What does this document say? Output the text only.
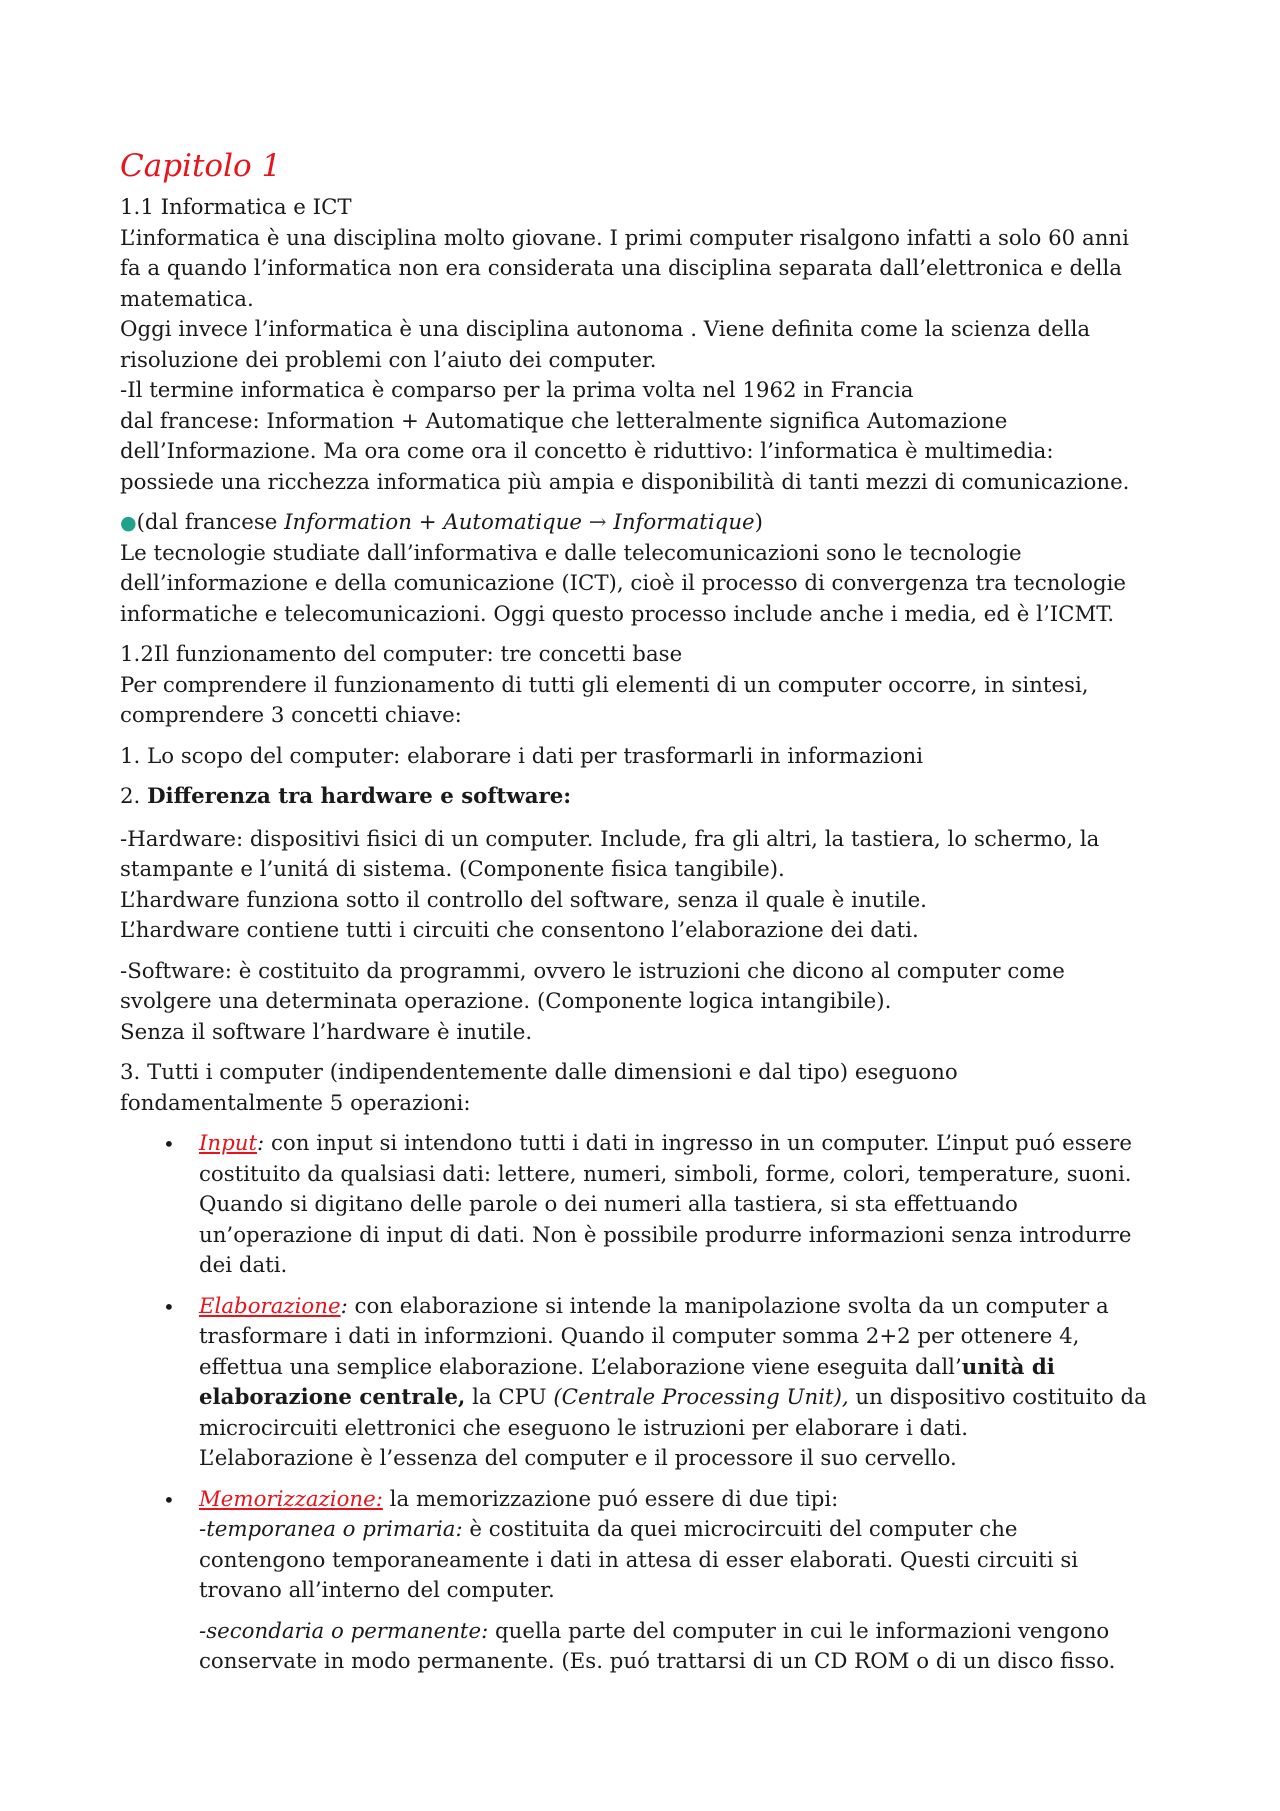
Capitolo 1

1.1 Informatica e ICT

L’informatica è una disciplina molto giovane. I primi computer risalgono infatti a solo 60 anni

fa a quando l’informatica non era considerata una disciplina separata dall’elettronica e della

matematica.

Oggi invece l’informatica è una disciplina autonoma . Viene definita come la scienza della

risoluzione dei problemi con l’aiuto dei computer.

-Il termine informatica è comparso per la prima volta nel 1962 in Francia

dal francese: Information + Automatique che letteralmente significa Automazione

dell’Informazione. Ma ora come ora il concetto è riduttivo: l’informatica è multimedia:

possiede una ricchezza informatica più ampia e disponibilità di tanti mezzi di comunicazione.

●(dal francese Information + Automatique → Informatique)

Le tecnologie studiate dall’informativa e dalle telecomunicazioni sono le tecnologie

dell’informazione e della comunicazione (ICT), cioè il processo di convergenza tra tecnologie

informatiche e telecomunicazioni. Oggi questo processo include anche i media, ed è l’ICMT.

1.2Il funzionamento del computer: tre concetti base

Per comprendere il funzionamento di tutti gli elementi di un computer occorre, in sintesi,

comprendere 3 concetti chiave:

1. Lo scopo del computer: elaborare i dati per trasformarli in informazioni

2. Differenza tra hardware e software:

-Hardware: dispositivi fisici di un computer. Include, fra gli altri, la tastiera, lo schermo, la

stampante e l’unitá di sistema. (Componente fisica tangibile).

L’hardware funziona sotto il controllo del software, senza il quale è inutile.

L’hardware contiene tutti i circuiti che consentono l’elaborazione dei dati.

-Software: è costituito da programmi, ovvero le istruzioni che dicono al computer come

svolgere una determinata operazione. (Componente logica intangibile).

Senza il software l’hardware è inutile.

3. Tutti i computer (indipendentemente dalle dimensioni e dal tipo) eseguono

fondamentalmente 5 operazioni:

• Input: con input si intendono tutti i dati in ingresso in un computer. L’input puó essere

costituito da qualsiasi dati: lettere, numeri, simboli, forme, colori, temperature, suoni.

Quando si digitano delle parole o dei numeri alla tastiera, si sta effettuando

un’operazione di input di dati. Non è possibile produrre informazioni senza introdurre

dei dati.

• Elaborazione: con elaborazione si intende la manipolazione svolta da un computer a

trasformare i dati in informzioni. Quando il computer somma 2+2 per ottenere 4,

effettua una semplice elaborazione. L’elaborazione viene eseguita dall’unità di

elaborazione centrale, la CPU (Centrale Processing Unit), un dispositivo costituito da

microcircuiti elettronici che eseguono le istruzioni per elaborare i dati.

L’elaborazione è l’essenza del computer e il processore il suo cervello.

• Memorizzazione: la memorizzazione puó essere di due tipi:

-temporanea o primaria: è costituita da quei microcircuiti del computer che

contengono temporaneamente i dati in attesa di esser elaborati. Questi circuiti si

trovano all’interno del computer.

-secondaria o permanente: quella parte del computer in cui le informazioni vengono

conservate in modo permanente. (Es. puó trattarsi di un CD ROM o di un disco fisso.
